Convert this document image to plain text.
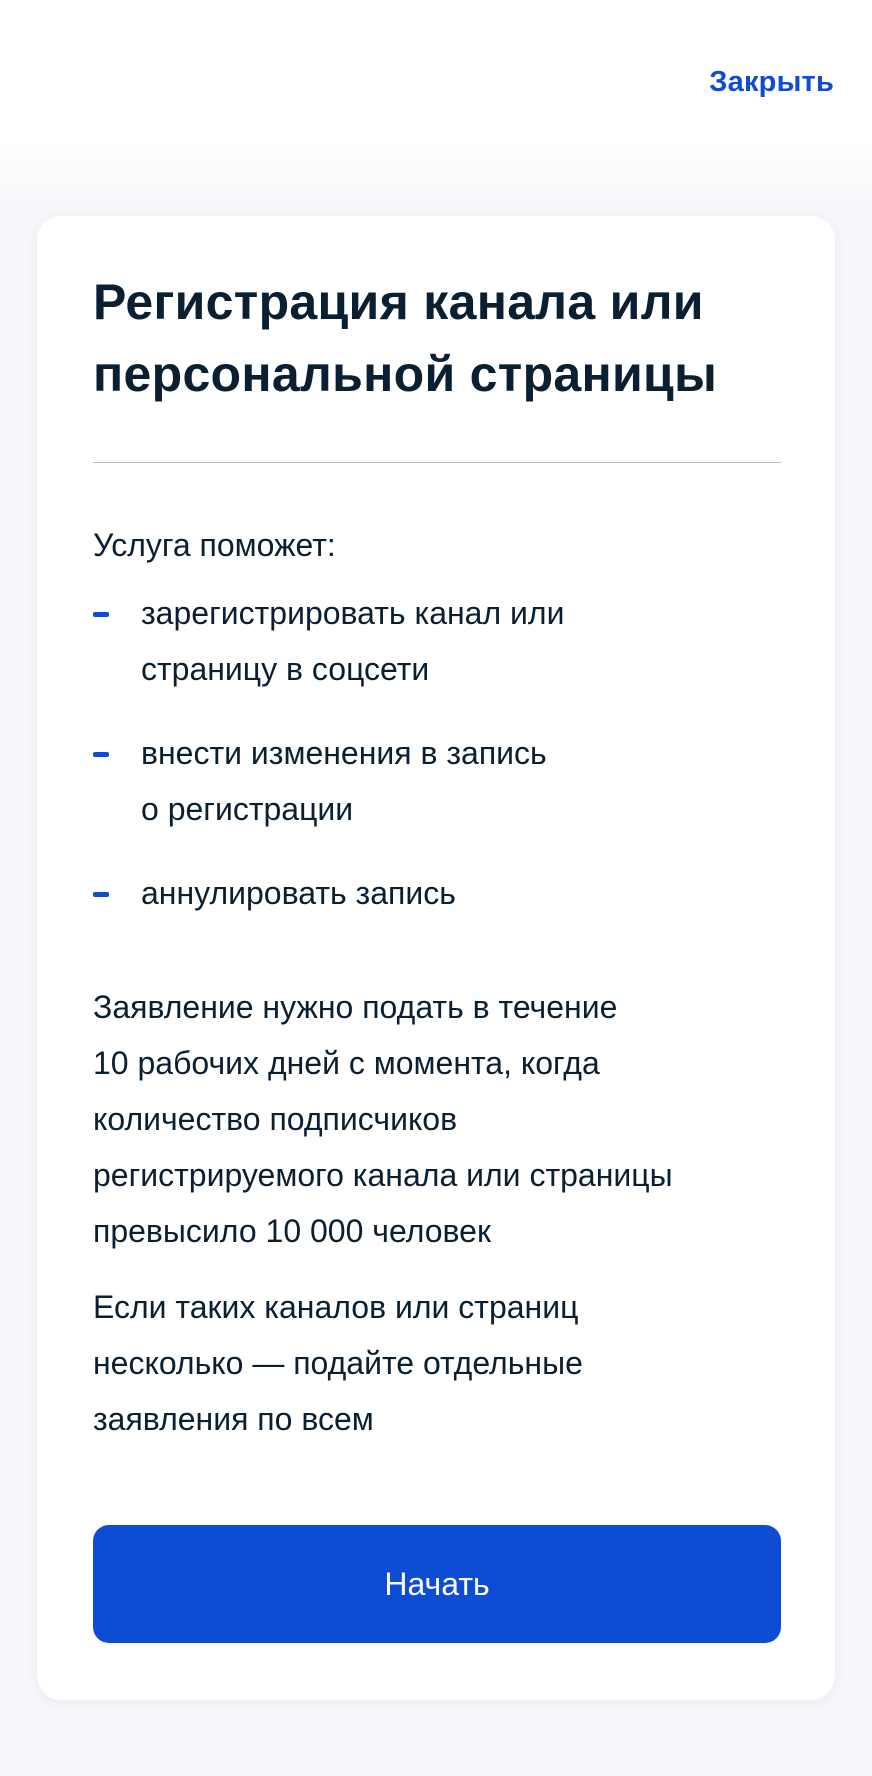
Закрыть
Регистрация канала или
персональной страницы
Услуга поможет:
зарегистрировать канал или
страницу в соцсети
внести изменения в запись
о регистрации
аннулировать запись

Заявление нужно подать в течение
10 рабочих дней с момента, когда
количество подписчиков
регистрируемого канала или страницы
превысило 10 000 человек

Если таких каналов или страниц
несколько — подайте отдельные
заявления по всем

Начать
